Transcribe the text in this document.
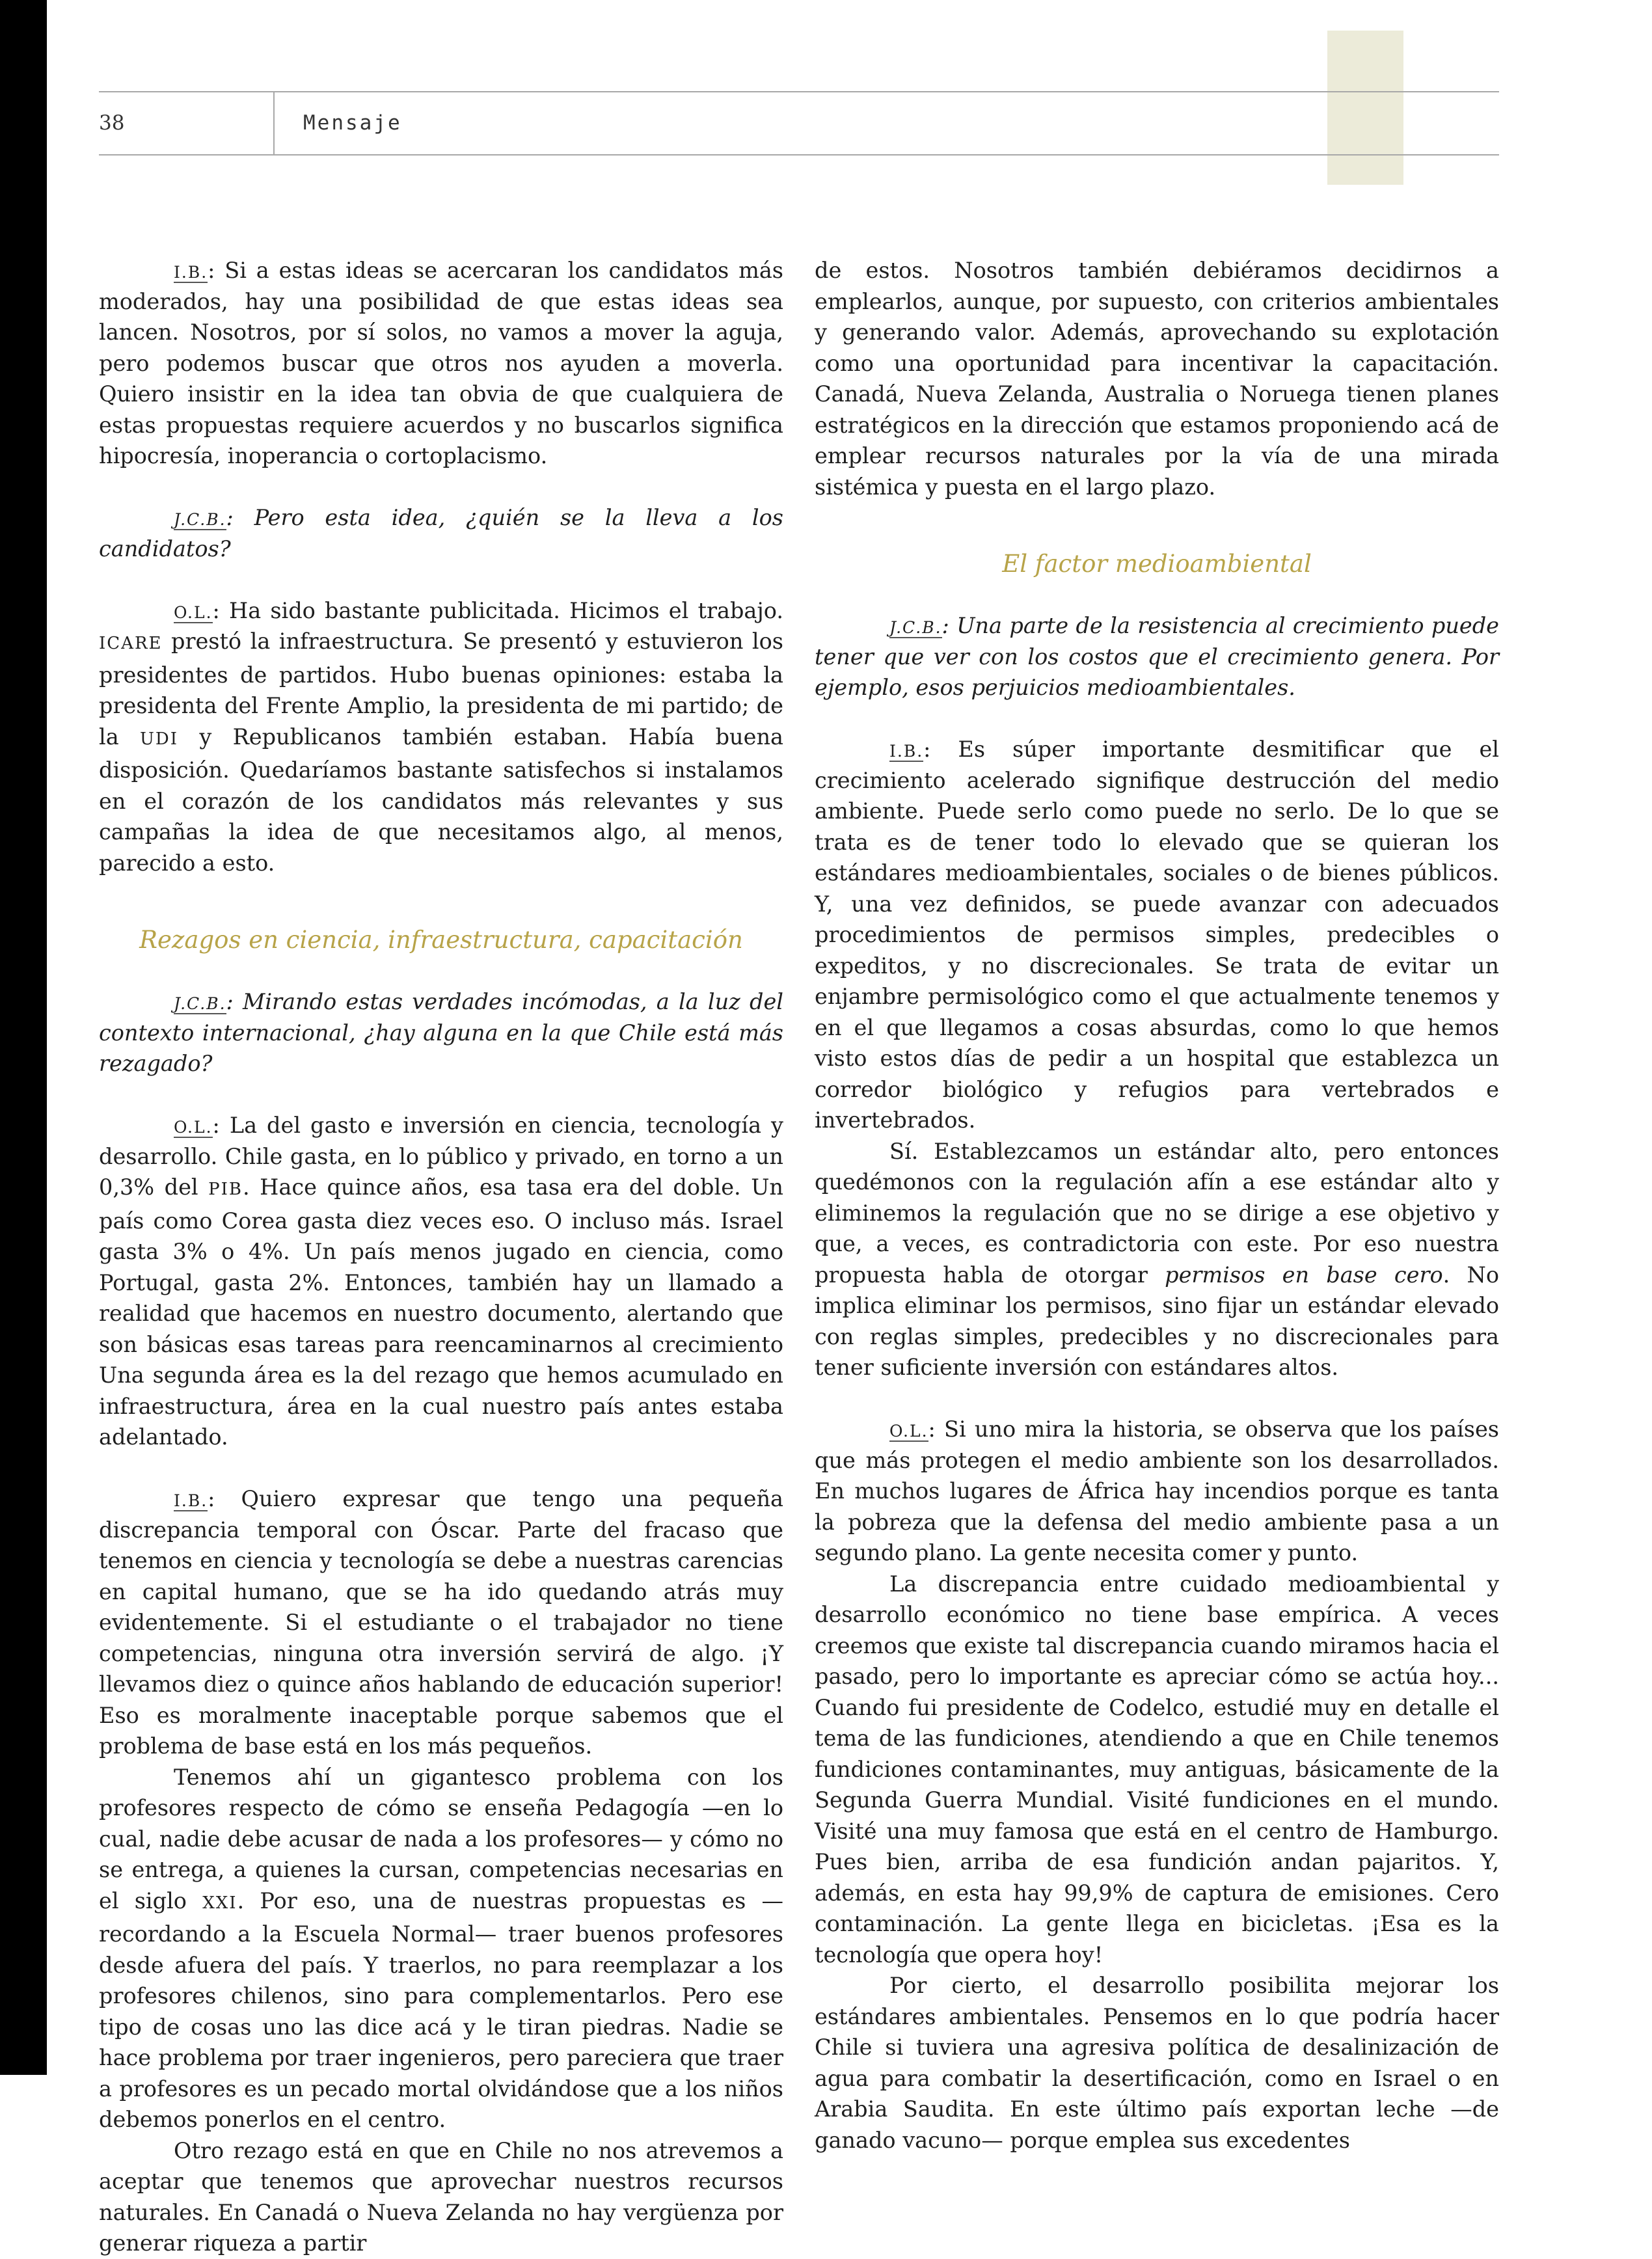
38	Mensaje

I.B.: Si a estas ideas se acercaran los candidatos más moderados, hay una posibilidad de que estas ideas sea lancen. Nosotros, por sí solos, no vamos a mover la aguja, pero podemos buscar que otros nos ayuden a moverla. Quiero insistir en la idea tan obvia de que cualquiera de estas propuestas requiere acuerdos y no buscarlos significa hipocresía, inoperancia o cortoplacismo.

J.C.B.: Pero esta idea, ¿quién se la lleva a los candidatos?

O.L.: Ha sido bastante publicitada. Hicimos el trabajo. ICARE prestó la infraestructura. Se presentó y estuvieron los presidentes de partidos. Hubo buenas opiniones: estaba la presidenta del Frente Amplio, la presidenta de mi partido; de la UDI y Republicanos también estaban. Había buena disposición. Quedaríamos bastante satisfechos si instalamos en el corazón de los candidatos más relevantes y sus campañas la idea de que necesitamos algo, al menos, parecido a esto.

Rezagos en ciencia, infraestructura, capacitación

J.C.B.: Mirando estas verdades incómodas, a la luz del contexto internacional, ¿hay alguna en la que Chile está más rezagado?

O.L.: La del gasto e inversión en ciencia, tecnología y desarrollo. Chile gasta, en lo público y privado, en torno a un 0,3% del PIB. Hace quince años, esa tasa era del doble. Un país como Corea gasta diez veces eso. O incluso más. Israel gasta 3% o 4%. Un país menos jugado en ciencia, como Portugal, gasta 2%. Entonces, también hay un llamado a realidad que hacemos en nuestro documento, alertando que son básicas esas tareas para reencaminarnos al crecimiento Una segunda área es la del rezago que hemos acumulado en infraestructura, área en la cual nuestro país antes estaba adelantado.

I.B.: Quiero expresar que tengo una pequeña discrepancia temporal con Óscar. Parte del fracaso que tenemos en ciencia y tecnología se debe a nuestras carencias en capital humano, que se ha ido quedando atrás muy evidentemente. Si el estudiante o el trabajador no tiene competencias, ninguna otra inversión servirá de algo. ¡Y llevamos diez o quince años hablando de educación superior! Eso es moralmente inaceptable porque sabemos que el problema de base está en los más pequeños.

Tenemos ahí un gigantesco problema con los profesores respecto de cómo se enseña Pedagogía —en lo cual, nadie debe acusar de nada a los profesores— y cómo no se entrega, a quienes la cursan, competencias necesarias en el siglo XXI. Por eso, una de nuestras propuestas es —recordando a la Escuela Normal— traer buenos profesores desde afuera del país. Y traerlos, no para reemplazar a los profesores chilenos, sino para complementarlos. Pero ese tipo de cosas uno las dice acá y le tiran piedras. Nadie se hace problema por traer ingenieros, pero pareciera que traer a profesores es un pecado mortal olvidándose que a los niños debemos ponerlos en el centro.

Otro rezago está en que en Chile no nos atrevemos a aceptar que tenemos que aprovechar nuestros recursos naturales. En Canadá o Nueva Zelanda no hay vergüenza por generar riqueza a partir

de estos. Nosotros también debiéramos decidirnos a emplearlos, aunque, por supuesto, con criterios ambientales y generando valor. Además, aprovechando su explotación como una oportunidad para incentivar la capacitación. Canadá, Nueva Zelanda, Australia o Noruega tienen planes estratégicos en la dirección que estamos proponiendo acá de emplear recursos naturales por la vía de una mirada sistémica y puesta en el largo plazo.

El factor medioambiental

J.C.B.: Una parte de la resistencia al crecimiento puede tener que ver con los costos que el crecimiento genera. Por ejemplo, esos perjuicios medioambientales.

I.B.: Es súper importante desmitificar que el crecimiento acelerado signifique destrucción del medio ambiente. Puede serlo como puede no serlo. De lo que se trata es de tener todo lo elevado que se quieran los estándares medioambientales, sociales o de bienes públicos. Y, una vez definidos, se puede avanzar con adecuados procedimientos de permisos simples, predecibles o expeditos, y no discrecionales. Se trata de evitar un enjambre permisológico como el que actualmente tenemos y en el que llegamos a cosas absurdas, como lo que hemos visto estos días de pedir a un hospital que establezca un corredor biológico y refugios para vertebrados e invertebrados.

Sí. Establezcamos un estándar alto, pero entonces quedémonos con la regulación afín a ese estándar alto y eliminemos la regulación que no se dirige a ese objetivo y que, a veces, es contradictoria con este. Por eso nuestra propuesta habla de otorgar permisos en base cero. No implica eliminar los permisos, sino fijar un estándar elevado con reglas simples, predecibles y no discrecionales para tener suficiente inversión con estándares altos.

O.L.: Si uno mira la historia, se observa que los países que más protegen el medio ambiente son los desarrollados. En muchos lugares de África hay incendios porque es tanta la pobreza que la defensa del medio ambiente pasa a un segundo plano. La gente necesita comer y punto.

La discrepancia entre cuidado medioambiental y desarrollo económico no tiene base empírica. A veces creemos que existe tal discrepancia cuando miramos hacia el pasado, pero lo importante es apreciar cómo se actúa hoy... Cuando fui presidente de Codelco, estudié muy en detalle el tema de las fundiciones, atendiendo a que en Chile tenemos fundiciones contaminantes, muy antiguas, básicamente de la Segunda Guerra Mundial. Visité fundiciones en el mundo. Visité una muy famosa que está en el centro de Hamburgo. Pues bien, arriba de esa fundición andan pajaritos. Y, además, en esta hay 99,9% de captura de emisiones. Cero contaminación. La gente llega en bicicletas. ¡Esa es la tecnología que opera hoy!

Por cierto, el desarrollo posibilita mejorar los estándares ambientales. Pensemos en lo que podría hacer Chile si tuviera una agresiva política de desalinización de agua para combatir la desertificación, como en Israel o en Arabia Saudita. En este último país exportan leche —de ganado vacuno— porque emplea sus excedentes
